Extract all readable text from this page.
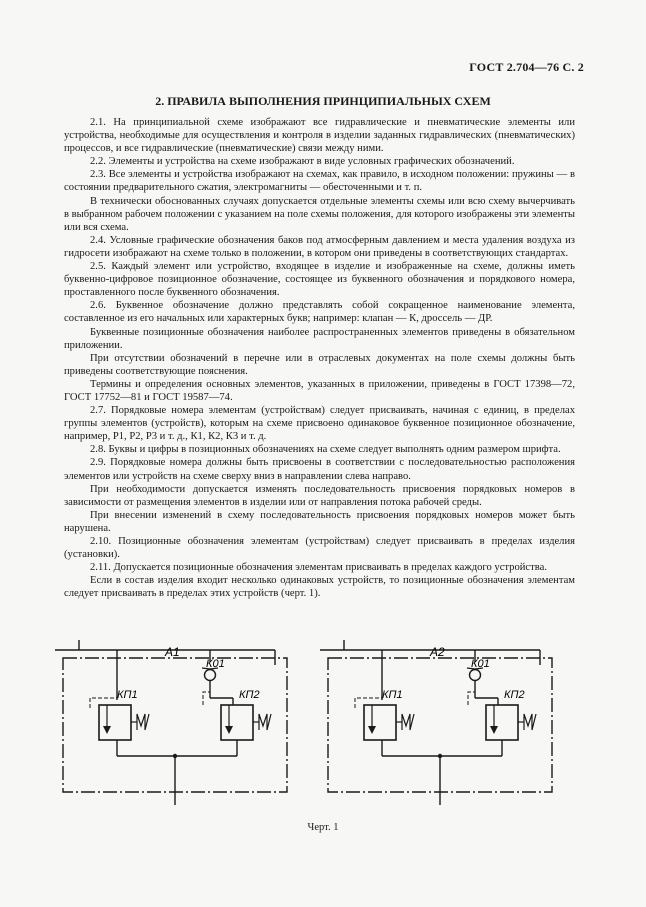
ГОСТ 2.704—76 С. 2
2. ПРАВИЛА ВЫПОЛНЕНИЯ ПРИНЦИПИАЛЬНЫХ СХЕМ

2.1. На принципиальной схеме изображают все гидравлические и пневматические элементы или устройства, необходимые для осуществления и контроля в изделии заданных гидравлических (пневматических) процессов, и все гидравлические (пневматические) связи между ними.

2.2. Элементы и устройства на схеме изображают в виде условных графических обозначений.

2.3. Все элементы и устройства изображают на схемах, как правило, в исходном положении: пружины — в состоянии предварительного сжатия, электромагниты — обесточенными и т. п.

В технически обоснованных случаях допускается отдельные элементы схемы или всю схему вычерчивать в выбранном рабочем положении с указанием на поле схемы положения, для которого изображены эти элементы или вся схема.

2.4. Условные графические обозначения баков под атмосферным давлением и места удаления воздуха из гидросети изображают на схеме только в положении, в котором они приведены в соответствующих стандартах.

2.5. Каждый элемент или устройство, входящее в изделие и изображенные на схеме, должны иметь буквенно-цифровое позиционное обозначение, состоящее из буквенного обозначения и порядкового номера, проставленного после буквенного обозначения.

2.6. Буквенное обозначение должно представлять собой сокращенное наименование элемента, составленное из его начальных или характерных букв; например: клапан — К, дроссель — ДР.

Буквенные позиционные обозначения наиболее распространенных элементов приведены в обязательном приложении.

При отсутствии обозначений в перечне или в отраслевых документах на поле схемы должны быть приведены соответствующие пояснения.

Термины и определения основных элементов, указанных в приложении, приведены в ГОСТ 17398—72, ГОСТ 17752—81 и ГОСТ 19587—74.

2.7. Порядковые номера элементам (устройствам) следует присваивать, начиная с единиц, в пределах группы элементов (устройств), которым на схеме присвоено одинаковое буквенное позиционное обозначение, например, Р1, Р2, Р3 и т. д., К1, К2, К3 и т. д.

2.8. Буквы и цифры в позиционных обозначениях на схеме следует выполнять одним размером шрифта.

2.9. Порядковые номера должны быть присвоены в соответствии с последовательностью расположения элементов или устройств на схеме сверху вниз в направлении слева направо.

При необходимости допускается изменять последовательность присвоения порядковых номеров в зависимости от размещения элементов в изделии или от направления потока рабочей среды.

При внесении изменений в схему последовательность присвоения порядковых номеров может быть нарушена.

2.10. Позиционные обозначения элементам (устройствам) следует присваивать в пределах изделия (установки).

2.11. Допускается позиционные обозначения элементам присваивать в пределах каждого устройства.

Если в состав изделия входит несколько одинаковых устройств, то позиционные обозначения элементам следует присваивать в пределах этих устройств (черт. 1).

А1
К01
КП1	КП2
А2
К01
КП1	КП2
Черт. 1
